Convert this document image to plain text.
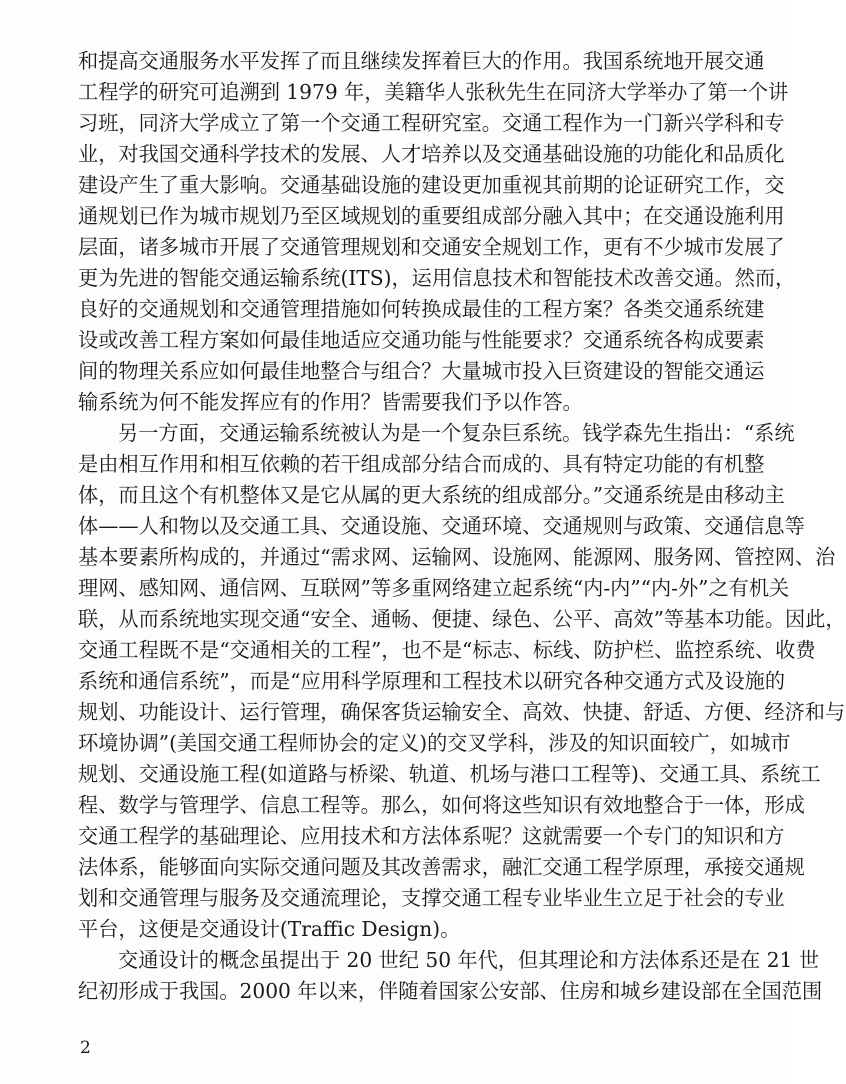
和提高交通服务水平发挥了而且继续发挥着巨大的作用。我国系统地开展交通
工程学的研究可追溯到 1979 年，美籍华人张秋先生在同济大学举办了第一个讲
习班，同济大学成立了第一个交通工程研究室。交通工程作为一门新兴学科和专
业，对我国交通科学技术的发展、人才培养以及交通基础设施的功能化和品质化
建设产生了重大影响。交通基础设施的建设更加重视其前期的论证研究工作，交
通规划已作为城市规划乃至区域规划的重要组成部分融入其中；在交通设施利用
层面，诸多城市开展了交通管理规划和交通安全规划工作，更有不少城市发展了
更为先进的智能交通运输系统(ITS)，运用信息技术和智能技术改善交通。然而，
良好的交通规划和交通管理措施如何转换成最佳的工程方案？各类交通系统建
设或改善工程方案如何最佳地适应交通功能与性能要求？交通系统各构成要素
间的物理关系应如何最佳地整合与组合？大量城市投入巨资建设的智能交通运
输系统为何不能发挥应有的作用？皆需要我们予以作答。
另一方面，交通运输系统被认为是一个复杂巨系统。钱学森先生指出：“系统
是由相互作用和相互依赖的若干组成部分结合而成的、具有特定功能的有机整
体，而且这个有机整体又是它从属的更大系统的组成部分。”交通系统是由移动主
体——人和物以及交通工具、交通设施、交通环境、交通规则与政策、交通信息等
基本要素所构成的，并通过“需求网、运输网、设施网、能源网、服务网、管控网、治
理网、感知网、通信网、互联网”等多重网络建立起系统“内-内”“内-外”之有机关
联，从而系统地实现交通“安全、通畅、便捷、绿色、公平、高效”等基本功能。因此，
交通工程既不是“交通相关的工程”，也不是“标志、标线、防护栏、监控系统、收费
系统和通信系统”，而是“应用科学原理和工程技术以研究各种交通方式及设施的
规划、功能设计、运行管理，确保客货运输安全、高效、快捷、舒适、方便、经济和与
环境协调”(美国交通工程师协会的定义)的交叉学科，涉及的知识面较广，如城市
规划、交通设施工程(如道路与桥梁、轨道、机场与港口工程等)、交通工具、系统工
程、数学与管理学、信息工程等。那么，如何将这些知识有效地整合于一体，形成
交通工程学的基础理论、应用技术和方法体系呢？这就需要一个专门的知识和方
法体系，能够面向实际交通问题及其改善需求，融汇交通工程学原理，承接交通规
划和交通管理与服务及交通流理论，支撑交通工程专业毕业生立足于社会的专业
平台，这便是交通设计(Traffic Design)。
交通设计的概念虽提出于 20 世纪 50 年代，但其理论和方法体系还是在 21 世
纪初形成于我国。2000 年以来，伴随着国家公安部、住房和城乡建设部在全国范围
2
